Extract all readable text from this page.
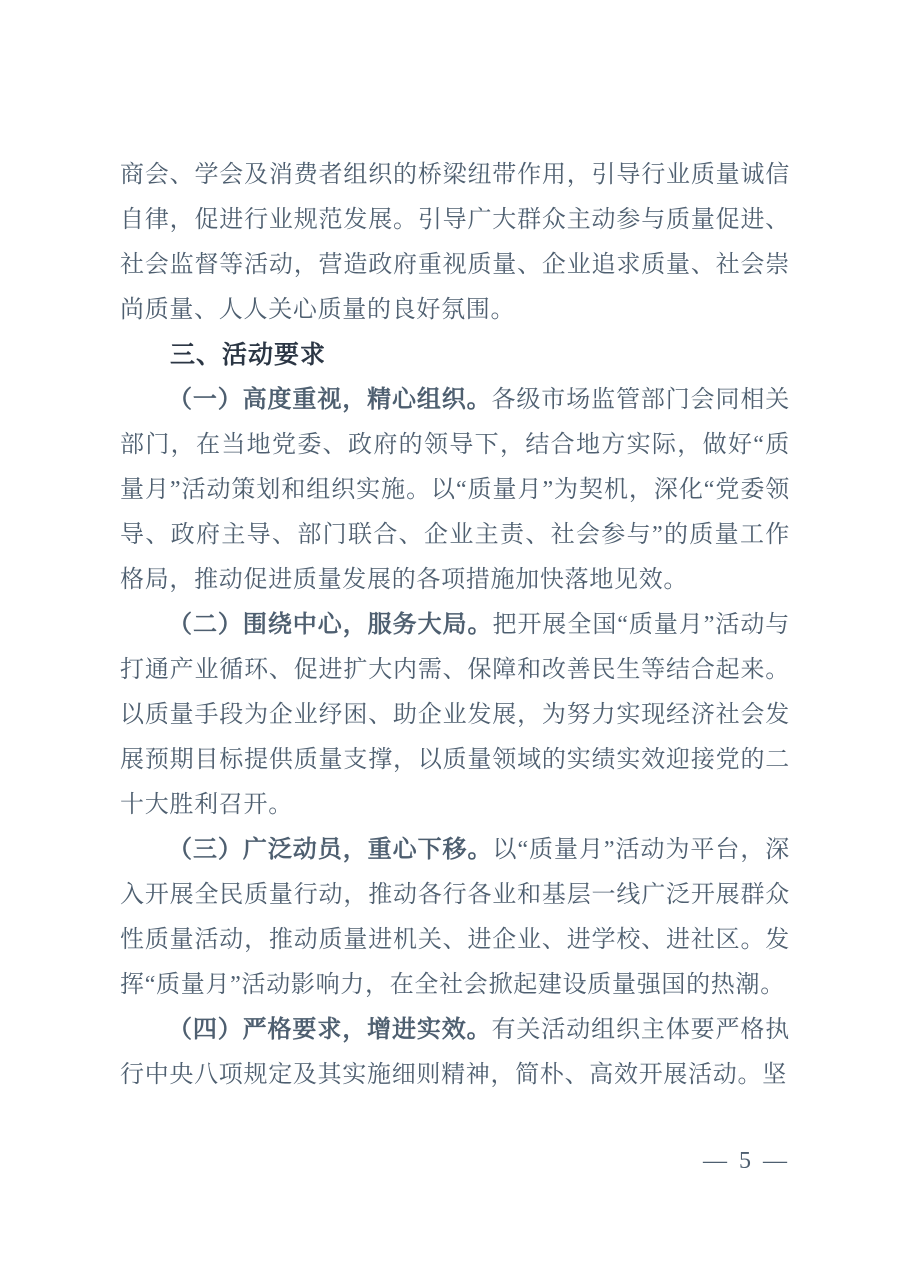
商会、学会及消费者组织的桥梁纽带作用，引导行业质量诚信自律，促进行业规范发展。引导广大群众主动参与质量促进、社会监督等活动，营造政府重视质量、企业追求质量、社会崇尚质量、人人关心质量的良好氛围。

三、活动要求

（一）高度重视，精心组织。各级市场监管部门会同相关部门，在当地党委、政府的领导下，结合地方实际，做好“质量月”活动策划和组织实施。以“质量月”为契机，深化“党委领导、政府主导、部门联合、企业主责、社会参与”的质量工作格局，推动促进质量发展的各项措施加快落地见效。

（二）围绕中心，服务大局。把开展全国“质量月”活动与打通产业循环、促进扩大内需、保障和改善民生等结合起来。以质量手段为企业纾困、助企业发展，为努力实现经济社会发展预期目标提供质量支撑，以质量领域的实绩实效迎接党的二十大胜利召开。

（三）广泛动员，重心下移。以“质量月”活动为平台，深入开展全民质量行动，推动各行各业和基层一线广泛开展群众性质量活动，推动质量进机关、进企业、进学校、进社区。发挥“质量月”活动影响力，在全社会掀起建设质量强国的热潮。

（四）严格要求，增进实效。有关活动组织主体要严格执行中央八项规定及其实施细则精神，简朴、高效开展活动。坚

— 5 —
